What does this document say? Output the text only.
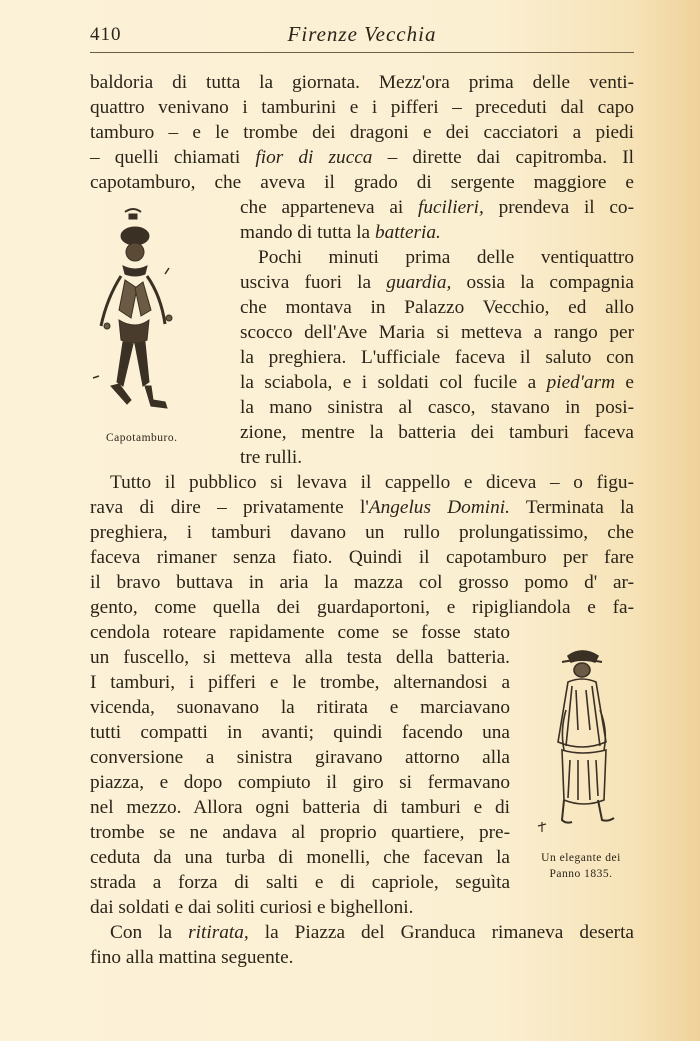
410	Firenze Vecchia
Capotamburo.
Un elegante dei
Panno 1835.
baldoria di tutta la giornata. Mezz'ora prima delle venti-
quattro venivano i tamburini e i pifferi – preceduti dal capo
tamburo – e le trombe dei dragoni e dei cacciatori a piedi
– quelli chiamati fior di zucca – dirette dai capitromba. Il
capotamburo, che aveva il grado di sergente maggiore e
che apparteneva ai fucilieri, prendeva il co-
mando di tutta la batteria.
Pochi minuti prima delle ventiquattro
usciva fuori la guardia, ossia la compagnia
che montava in Palazzo Vecchio, ed allo
scocco dell'Ave Maria si metteva a rango per
la preghiera. L'ufficiale faceva il saluto con
la sciabola, e i soldati col fucile a pied'arm e
la mano sinistra al casco, stavano in posi-
zione, mentre la batteria dei tamburi faceva
tre rulli.
Tutto il pubblico si levava il cappello e diceva – o figu-
rava di dire – privatamente l'Angelus Domini. Terminata la
preghiera, i tamburi davano un rullo prolungatissimo, che
faceva rimaner senza fiato. Quindi il capotamburo per fare
il bravo buttava in aria la mazza col grosso pomo d' ar-
gento, come quella dei guardaportoni, e ripigliandola e fa-
cendola roteare rapidamente come se fosse stato
un fuscello, si metteva alla testa della batteria.
I tamburi, i pifferi e le trombe, alternandosi a
vicenda, suonavano la ritirata e marciavano
tutti compatti in avanti; quindi facendo una
conversione a sinistra giravano attorno alla
piazza, e dopo compiuto il giro si fermavano
nel mezzo. Allora ogni batteria di tamburi e di
trombe se ne andava al proprio quartiere, pre-
ceduta da una turba di monelli, che facevan la
strada a forza di salti e di capriole, seguìta
dai soldati e dai soliti curiosi e bighelloni.
Con la ritirata, la Piazza del Granduca rimaneva deserta
fino alla mattina seguente.
